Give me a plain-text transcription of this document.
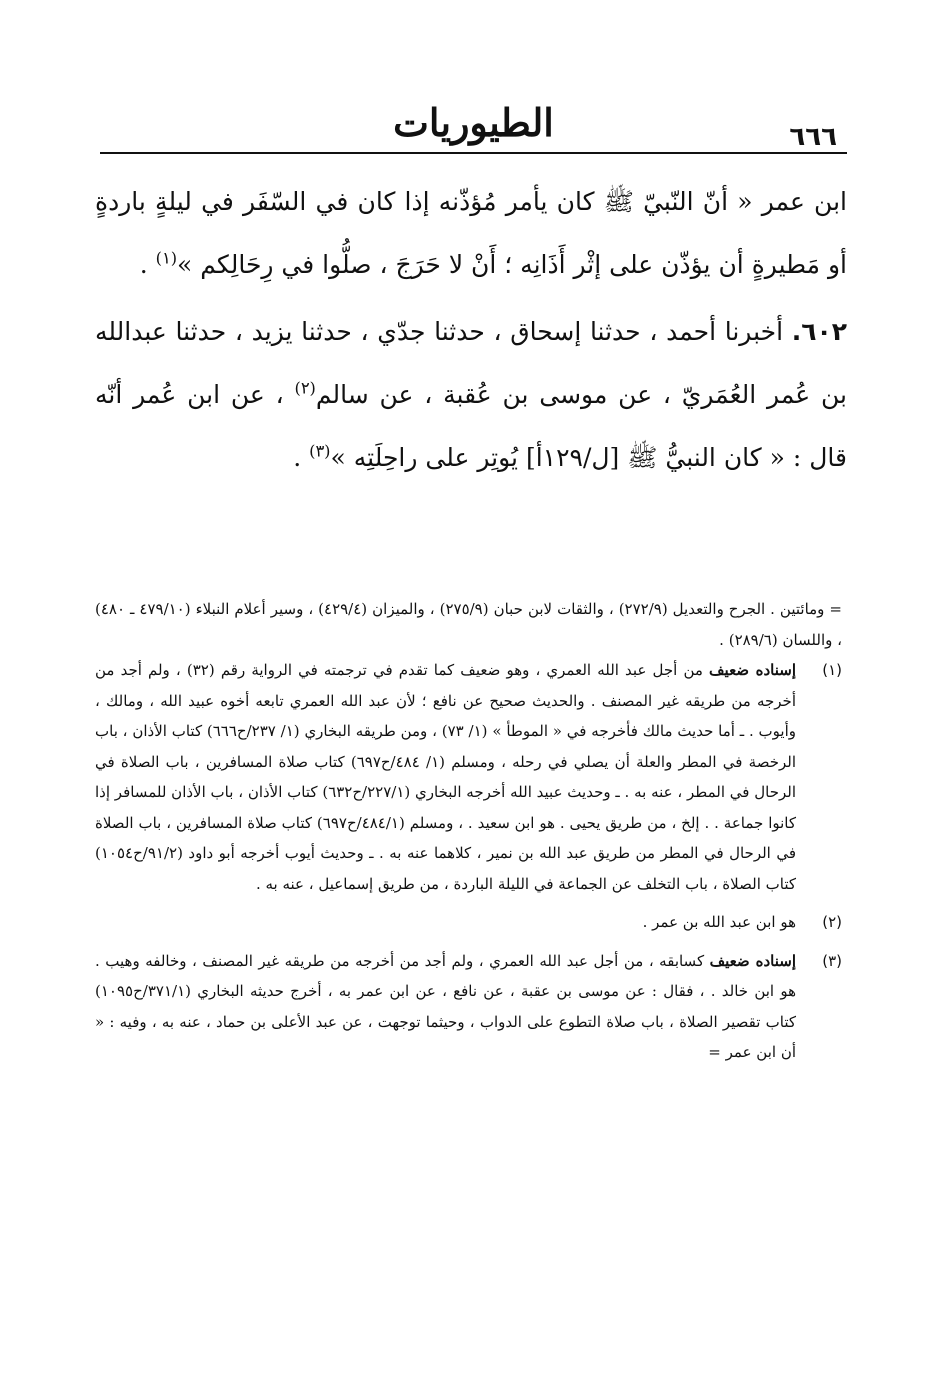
٦٦٦
الطيوريات

ابن عمر « أنّ النّبيّ ﷺ كان يأمر مُؤذّنه إذا كان في السّفَر في ليلةٍ باردةٍ أو مَطيرةٍ أن يؤذّن على إثْر أَذَانِه ؛ أَنْ لا حَرَجَ ، صلُّوا في رِحَالِكم »$^{(١)}$ .

٦٠٢. أخبرنا أحمد ، حدثنا إسحاق ، حدثنا جدّي ، حدثنا يزيد ، حدثنا عبدالله بن عُمر العُمَريّ ، عن موسى بن عُقبة ، عن سالم$^{(٢)}$ ، عن ابن عُمر أنّه قال : « كان النبيُّ ﷺ [ل/١٢٩أ] يُوتِر على راحِلَتِه »$^{(٣)}$ .

= ومائتين . الجرح والتعديل (٢٧٢/٩) ، والثقات لابن حبان (٢٧٥/٩) ، والميزان (٤٢٩/٤) ، وسير أعلام النبلاء (٤٧٩/١٠ ـ ٤٨٠) ، واللسان (٢٨٩/٦) .

(١)
إسناده ضعيف من أجل عبد الله العمري ، وهو ضعيف كما تقدم في ترجمته في الرواية رقم (٣٢) ، ولم أجد من أخرجه من طريقه غير المصنف . والحديث صحيح عن نافع ؛ لأن عبد الله العمري تابعه أخوه عبيد الله ، ومالك ، وأيوب . ـ أما حديث مالك فأخرجه في « الموطأ » (١/ ٧٣) ، ومن طريقه البخاري (١/ ٢٣٧/ح٦٦٦) كتاب الأذان ، باب الرخصة في المطر والعلة أن يصلي في رحله ، ومسلم (١/ ٤٨٤/ح٦٩٧) كتاب صلاة المسافرين ، باب الصلاة في الرحال في المطر ، عنه به . ـ وحديث عبيد الله أخرجه البخاري (٢٢٧/١/ح٦٣٢) كتاب الأذان ، باب الأذان للمسافر إذا كانوا جماعة . . إلخ ، من طريق يحيى . هو ابن سعيد . ، ومسلم (٤٨٤/١/ح٦٩٧) كتاب صلاة المسافرين ، باب الصلاة في الرحال في المطر من طريق عبد الله بن نمير ، كلاهما عنه به . ـ وحديث أيوب أخرجه أبو داود (٩١/٢/ح١٠٥٤) كتاب الصلاة ، باب التخلف عن الجماعة في الليلة الباردة ، من طريق إسماعيل ، عنه به .

(٢)
هو ابن عبد الله بن عمر .

(٣)
إسناده ضعيف كسابقه ، من أجل عبد الله العمري ، ولم أجد من أخرجه من طريقه غير المصنف ، وخالفه وهيب . هو ابن خالد . ، فقال : عن موسى بن عقبة ، عن نافع ، عن ابن عمر به ، أخرج حديثه البخاري (٣٧١/١/ح١٠٩٥) كتاب تقصير الصلاة ، باب صلاة التطوع على الدواب ، وحيثما توجهت ، عن عبد الأعلى بن حماد ، عنه به ، وفيه : « أن ابن عمر =
